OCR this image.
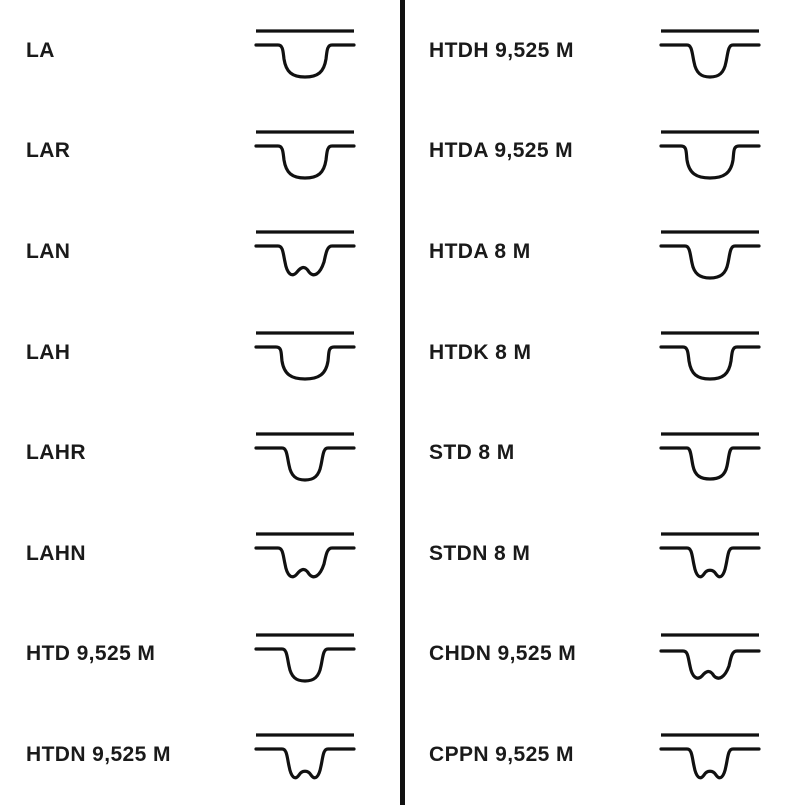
LA
LAR
LAN
LAH
LAHR
LAHN
HTD 9,525 M
HTDN 9,525 M
HTDH 9,525 M
HTDA 9,525 M
HTDA 8 M
HTDK 8 M
STD 8 M
STDN 8 M
CHDN 9,525 M
CPPN 9,525 M
